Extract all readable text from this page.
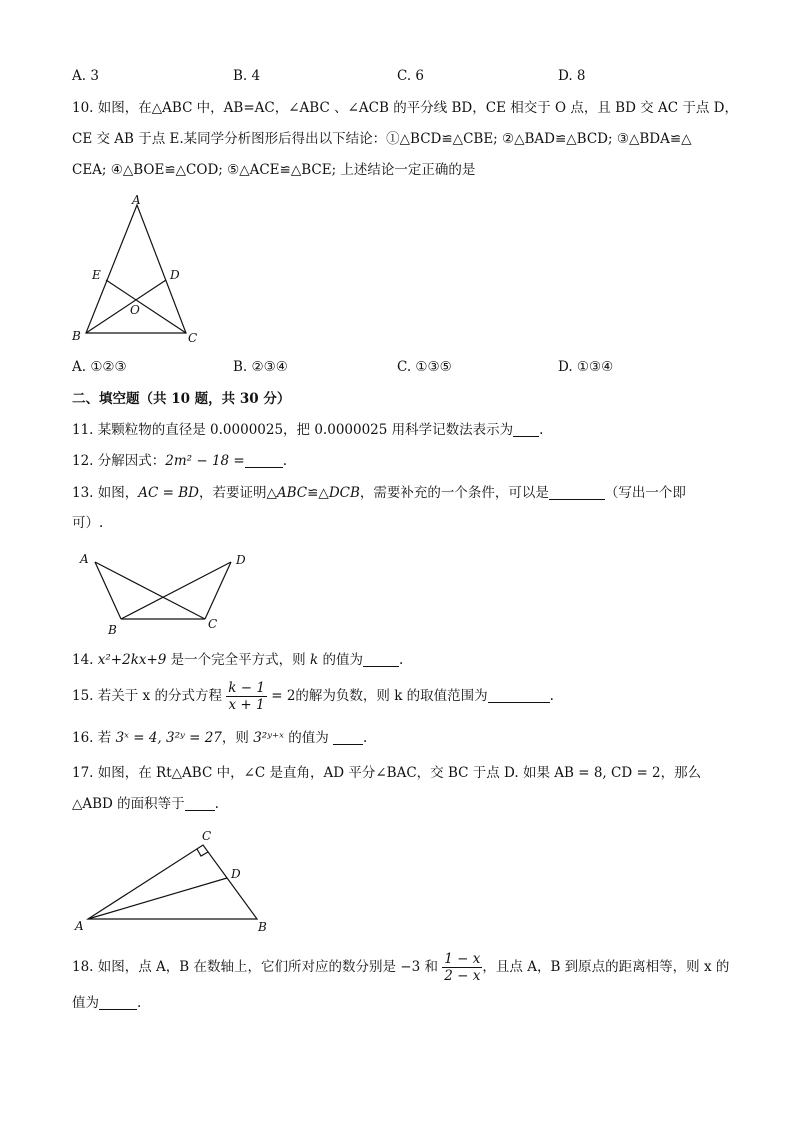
A. 3	B. 4	C. 6	D. 8
10. 如图，在△ABC 中，AB=AC，∠ABC 、∠ACB 的平分线 BD，CE 相交于 O 点，且 BD 交 AC 于点 D，
CE 交 AB 于点 E.某同学分析图形后得出以下结论：①△BCD≌△CBE; ②△BAD≌△BCD; ③△BDA≌△
CEA; ④△BOE≌△COD; ⑤△ACE≌△BCE; 上述结论一定正确的是
A
E	D
O
B	C
A. ①②③	B. ②③④	C. ①③⑤	D. ①③④
二、填空题（共 10 题，共 30 分）
11. 某颗粒物的直径是 0.0000025，把 0.0000025 用科学记数法表示为 .
12. 分解因式：2m² − 18 =	.
13. 如图，AC = BD，若要证明△ABC≌△DCB，需要补充的一个条件，可以是	（写出一个即
可）.
A	D
B	C
14. x²+2kx+9 是一个完全平方式，则 k 的值为	.
15. 若关于 x 的分式方程 $\frac{k - 1}{x + 1} = 2$的解为负数，则 k 的取值范围为	.
16. 若 3ˣ = 4, 3²ʸ = 27，则 3²ʸ⁺ˣ 的值为	.
17. 如图，在 Rt△ABC 中，∠C 是直角，AD 平分∠BAC，交 BC 于点 D. 如果 AB = 8, CD = 2，那么
△ABD 的面积等于 .
C
D
A	B
18. 如图，点 A，B 在数轴上，它们所对应的数分别是 −3 和 $\frac{1 - x}{2 - x}$ ，且点 A，B 到原点的距离相等，则 x 的
值为	.
